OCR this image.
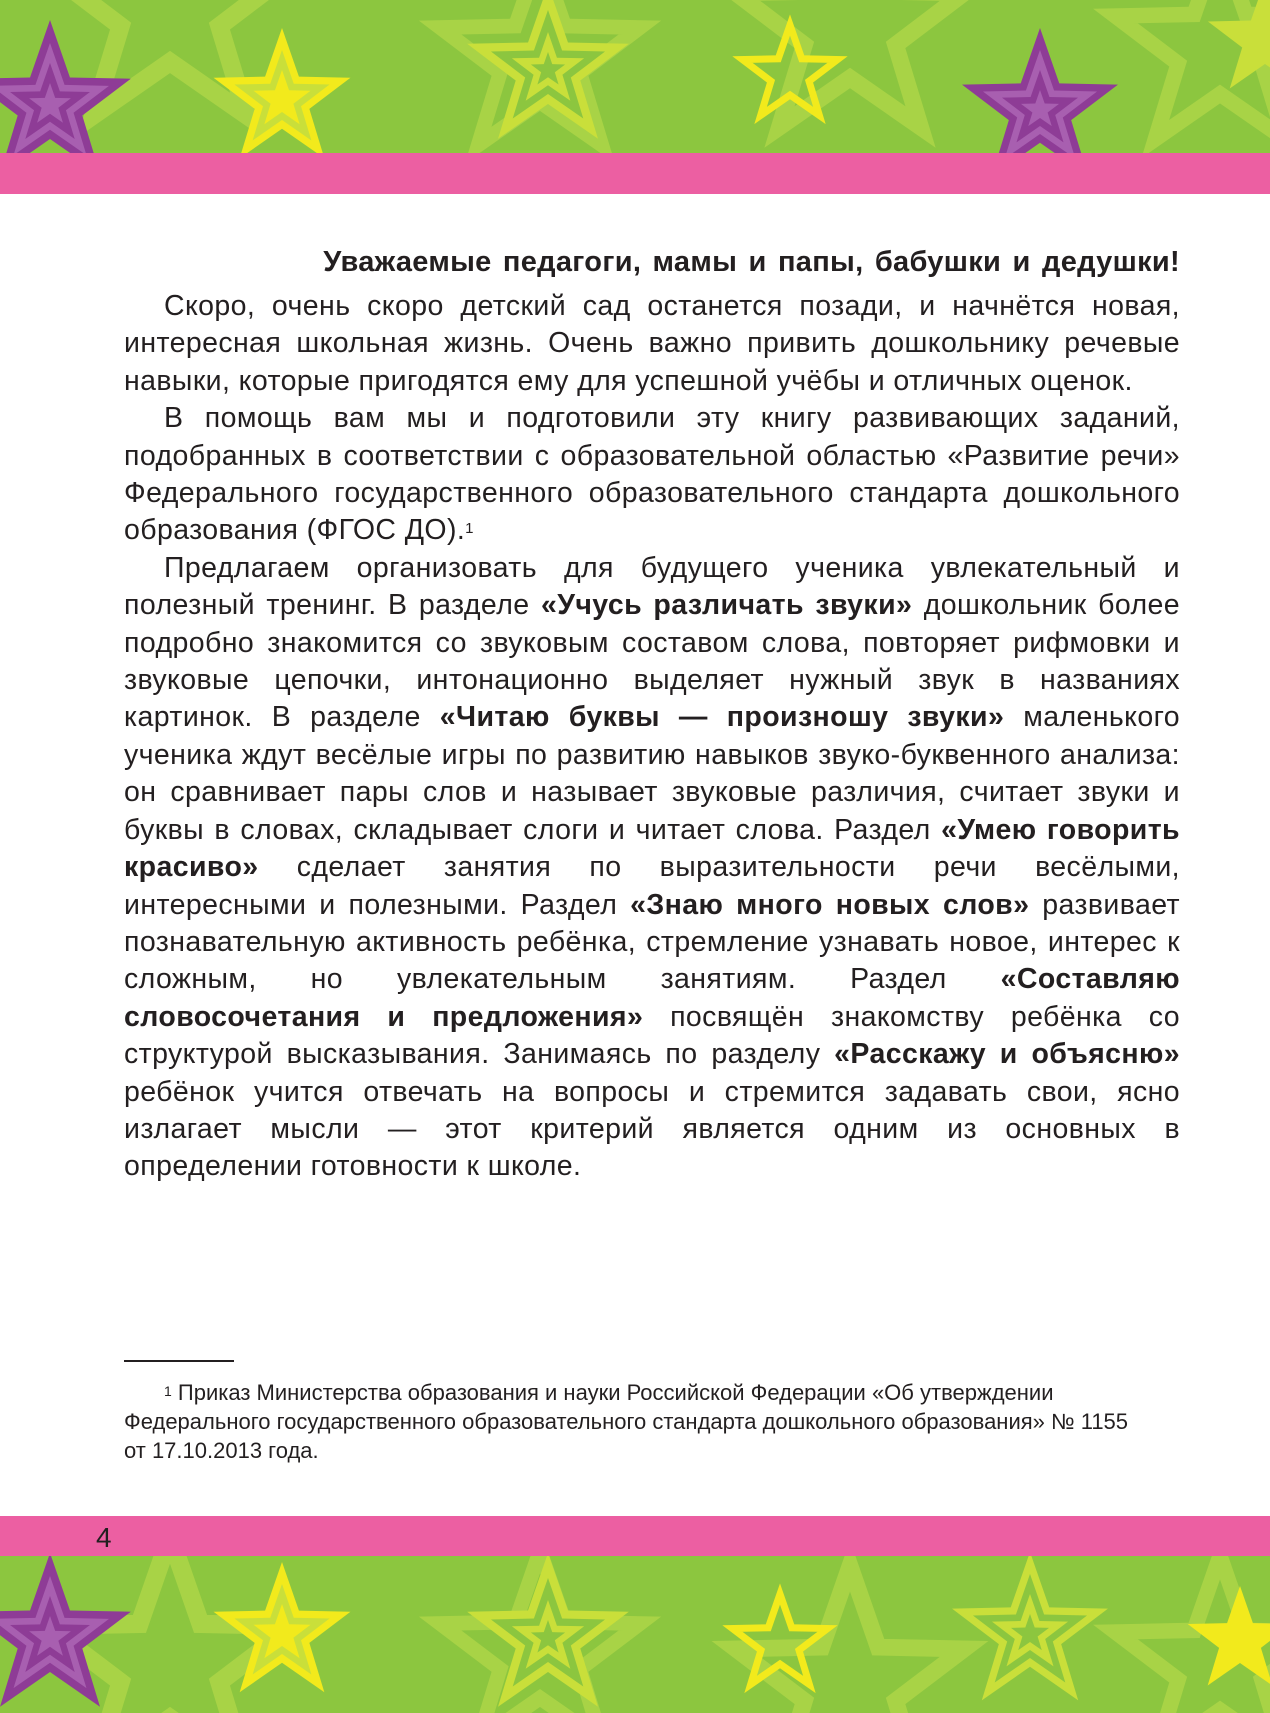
Уважаемые педагоги, мамы и папы, бабушки и дедушки!

Скоро, очень скоро детский сад останется позади, и начнётся новая, интересная школьная жизнь. Очень важно привить дошкольнику речевые навыки, которые пригодятся ему для успешной учёбы и отличных оценок.

В помощь вам мы и подготовили эту книгу развивающих заданий, подобранных в соответствии с образовательной областью «Развитие речи» Федерального государственного образовательного стандарта дошкольного образования (ФГОС ДО).$^1$

Предлагаем организовать для будущего ученика увлекательный и полезный тренинг. В разделе «Учусь различать звуки» дошкольник более подробно знакомится со звуковым составом слова, повторяет рифмовки и звуковые цепочки, интонационно выделяет нужный звук в названиях картинок. В разделе «Читаю буквы — произношу звуки» маленького ученика ждут весёлые игры по развитию навыков звуко-буквенного анализа: он сравнивает пары слов и называет звуковые различия, считает звуки и буквы в словах, складывает слоги и читает слова. Раздел «Умею говорить красиво» сделает занятия по выразительности речи весёлыми, интересными и полезными. Раздел «Знаю много новых слов» развивает познавательную активность ребёнка, стремление узнавать новое, интерес к сложным, но увлекательным занятиям. Раздел «Составляю словосочетания и предложения» посвящён знакомству ребёнка со структурой высказывания. Занимаясь по разделу «Расскажу и объясню» ребёнок учится отвечать на вопросы и стремится задавать свои, ясно излагает мысли — этот критерий является одним из основных в определении готовности к школе.

$^1$ Приказ Министерства образования и науки Российской Федерации «Об утверждении Федерального государственного образовательного стандарта дошкольного образования» № 1155 от 17.10.2013 года.

4
